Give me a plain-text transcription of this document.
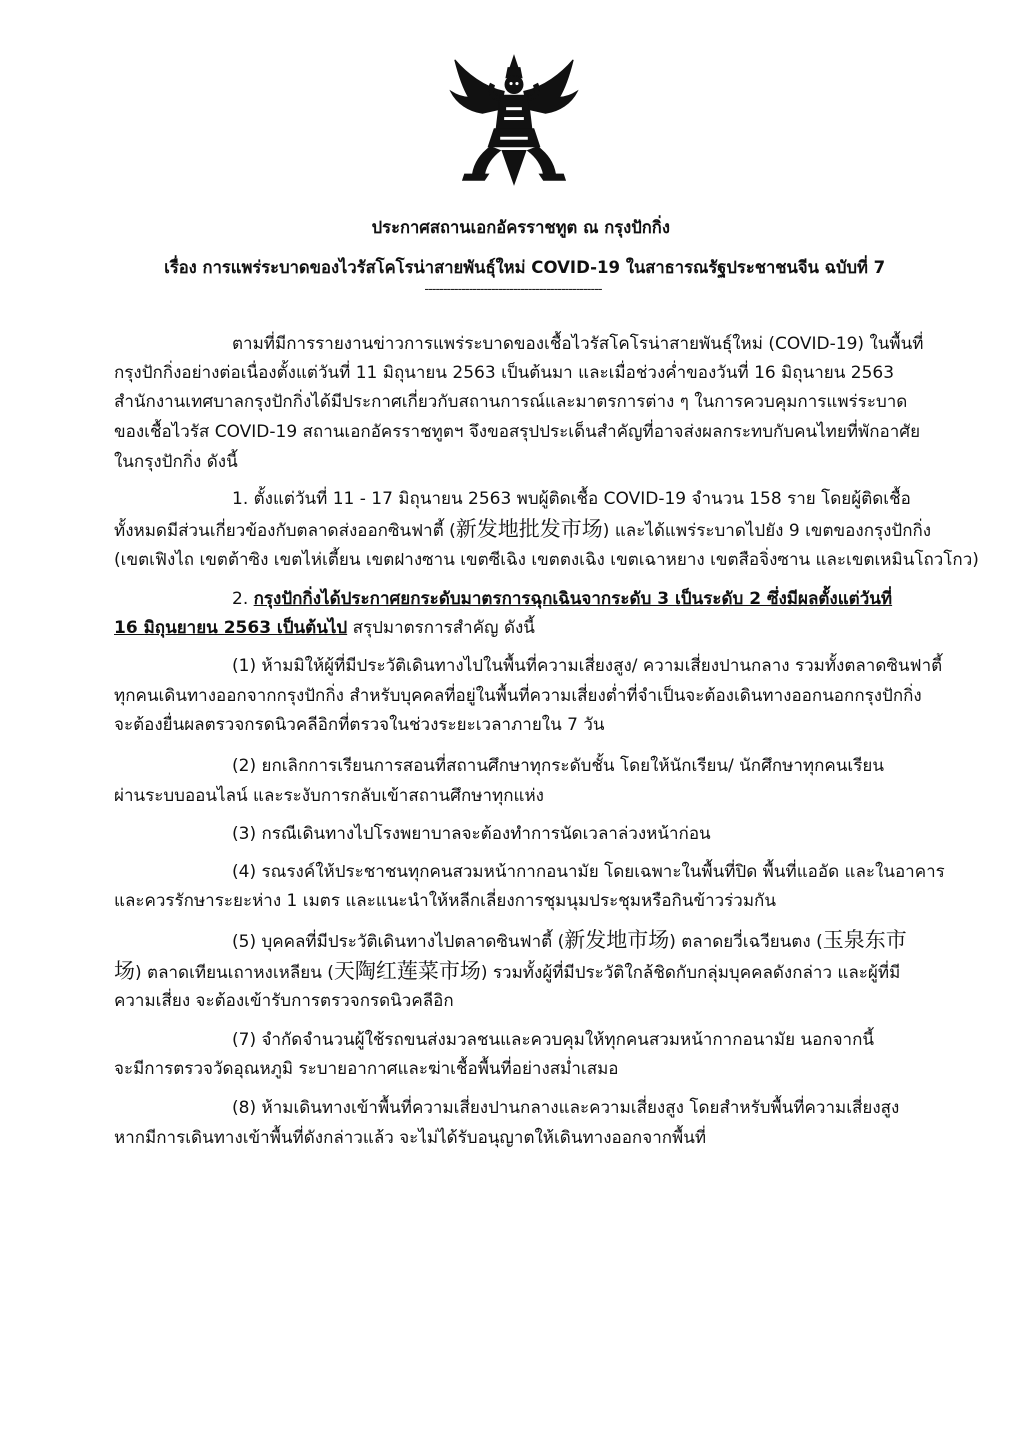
ประกาศสถานเอกอัครราชทูต ณ กรุงปักกิ่ง
เรื่อง การแพร่ระบาดของไวรัสโคโรน่าสายพันธุ์ใหม่ COVID-19 ในสาธารณรัฐประชาชนจีน ฉบับที่ 7
------------------------------------------------
ตามที่มีการรายงานข่าวการแพร่ระบาดของเชื้อไวรัสโคโรน่าสายพันธุ์ใหม่ (COVID-19) ในพื้นที่
กรุงปักกิ่งอย่างต่อเนื่องตั้งแต่วันที่ 11 มิถุนายน 2563 เป็นต้นมา และเมื่อช่วงค่ำของวันที่ 16 มิถุนายน 2563
สำนักงานเทศบาลกรุงปักกิ่งได้มีประกาศเกี่ยวกับสถานการณ์และมาตรการต่าง ๆ ในการควบคุมการแพร่ระบาด
ของเชื้อไวรัส COVID-19 สถานเอกอัครราชทูตฯ จึงขอสรุปประเด็นสำคัญที่อาจส่งผลกระทบกับคนไทยที่พักอาศัย
ในกรุงปักกิ่ง ดังนี้
1. ตั้งแต่วันที่ 11 - 17 มิถุนายน 2563 พบผู้ติดเชื้อ COVID-19 จำนวน 158 ราย โดยผู้ติดเชื้อ
ทั้งหมดมีส่วนเกี่ยวข้องกับตลาดส่งออกซินฟาตี้ (新发地批发市场) และได้แพร่ระบาดไปยัง 9 เขตของกรุงปักกิ่ง
(เขตเฟิงไถ เขตต้าซิง เขตไห่เตี้ยน เขตฝางซาน เขตซีเฉิง เขตตงเฉิง เขตเฉาหยาง เขตสือจิ่งซาน และเขตเหมินโถวโกว)
2. กรุงปักกิ่งได้ประกาศยกระดับมาตรการฉุกเฉินจากระดับ 3 เป็นระดับ 2 ซึ่งมีผลตั้งแต่วันที่
16 มิถุนยายน 2563 เป็นต้นไป สรุปมาตรการสำคัญ ดังนี้
(1) ห้ามมิให้ผู้ที่มีประวัติเดินทางไปในพื้นที่ความเสี่ยงสูง/ ความเสี่ยงปานกลาง รวมทั้งตลาดซินฟาตี้
ทุกคนเดินทางออกจากกรุงปักกิ่ง สำหรับบุคคลที่อยู่ในพื้นที่ความเสี่ยงต่ำที่จำเป็นจะต้องเดินทางออกนอกกรุงปักกิ่ง
จะต้องยื่นผลตรวจกรดนิวคลีอิกที่ตรวจในช่วงระยะเวลาภายใน 7 วัน
(2) ยกเลิกการเรียนการสอนที่สถานศึกษาทุกระดับชั้น โดยให้นักเรียน/ นักศึกษาทุกคนเรียน
ผ่านระบบออนไลน์ และระงับการกลับเข้าสถานศึกษาทุกแห่ง
(3) กรณีเดินทางไปโรงพยาบาลจะต้องทำการนัดเวลาล่วงหน้าก่อน
(4) รณรงค์ให้ประชาชนทุกคนสวมหน้ากากอนามัย โดยเฉพาะในพื้นที่ปิด พื้นที่แออัด และในอาคาร
และควรรักษาระยะห่าง 1 เมตร และแนะนำให้หลีกเลี่ยงการชุมนุมประชุมหรือกินข้าวร่วมกัน
(5) บุคคลที่มีประวัติเดินทางไปตลาดซินฟาตี้ (新发地市场) ตลาดยวี่เฉวียนตง (玉泉东市
场) ตลาดเทียนเถาหงเหลียน (天陶红莲菜市场) รวมทั้งผู้ที่มีประวัติใกล้ชิดกับกลุ่มบุคคลดังกล่าว และผู้ที่มี
ความเสี่ยง จะต้องเข้ารับการตรวจกรดนิวคลีอิก
(7) จำกัดจำนวนผู้ใช้รถขนส่งมวลชนและควบคุมให้ทุกคนสวมหน้ากากอนามัย นอกจากนี้
จะมีการตรวจวัดอุณหภูมิ ระบายอากาศและฆ่าเชื้อพื้นที่อย่างสม่ำเสมอ
(8) ห้ามเดินทางเข้าพื้นที่ความเสี่ยงปานกลางและความเสี่ยงสูง โดยสำหรับพื้นที่ความเสี่ยงสูง
หากมีการเดินทางเข้าพื้นที่ดังกล่าวแล้ว จะไม่ได้รับอนุญาตให้เดินทางออกจากพื้นที่
